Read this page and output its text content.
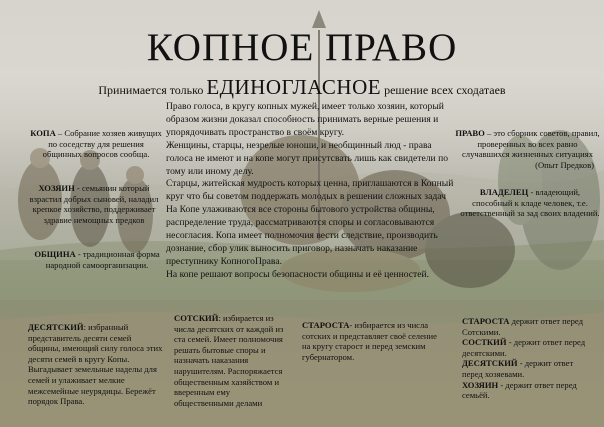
КОПНОЕ ПРАВО
Принимается только ЕДИНОГЛАСНОЕ решение всех сходатаев
КОПА – Собрание хозяев живущих по соседству для решения общинных вопросов сообща.
ХОЗЯИН - семьянин который взрастил добрых сыновей, наладил крепкое хозяйство, поддерживает здравие немощных предков
ОБЩИНА - традиционная форма народной самоорганизации.
Право голоса, в кругу копных мужей, имеет только хозяин, который образом жизни доказал способность принимать верные решения и упорядочивать пространство в своём кругу.
Женщины, старцы, незрелые юноши, и необщинный люд - права голоса не имеют и на копе могут присутсвать лишь как свидетели по тому или иному делу.
Старцы, житейская мудрость которых ценна, приглашаются в Копный круг что бы советом поддержать молодых в решении сложных задач
На Копе улаживаются все стороны бытового устройства общины, распределение труда, рассматриваются споры и согласовываются несогласия. Копа имеет полномочия вести следствие, производить дознание, сбор улик выносить приговор, назначать наказание преступнику КопногоПрава.
На копе решают вопросы безопасности общины и её ценностей.
ПРАВО – это сборник советов, правил, проверенных во всех равно случавшихся жизненных ситуациях
(Опыт Предков)
ВЛАДЕЛЕЦ - владеющий, способный к кладе человек, т.е. ответственный за зад своих владений.
ДЕСЯТСКИЙ: избранный представитель десяти семей общины, имеющий силу голоса этих десяти семей в кругу Копы. Выгадывает земельные наделы для семей и улаживает мелкие межсемейные неурядицы. Бережёт порядок Права.
СОТСКИЙ: избирается из числа десятских от каждой из ста семей. Имеет полномочия решать бытовые споры и назначать наказания нарушителям. Распоряжается общественным хазяйством и вверенным ему общественными делами
СТАРОСТА- избирается из числа сотских и представляет своё селение на кругу старост и перед земским губернатором.
СТАРОСТА держит ответ перед Сотскими.
СОСТКИЙ - держит ответ перед десятскими.
ДЕСЯТСКИЙ - держит ответ перед хозяевами.
ХОЗЯИН - держит ответ перед семьёй.
